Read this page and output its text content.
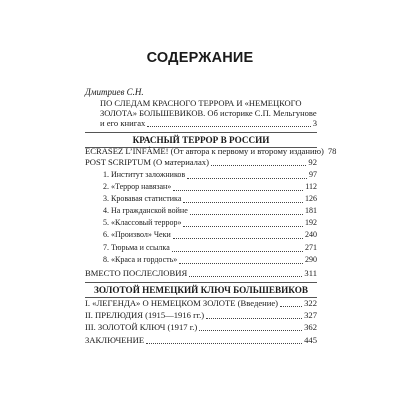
СОДЕРЖАНИЕ
Дмитриев С.Н.
ПО СЛЕДАМ КРАСНОГО ТЕРРОРА И «НЕМЕЦКОГО
ЗОЛОТА» БОЛЬШЕВИКОВ. Об историке С.П. Мельгунове
и его книгах	3
КРАСНЫЙ ТЕРРОР В РОССИИ
ECRASEZ L’INFÂME! (От автора к первому и второму изданию) 78
POST SCRIPTUM (О материалах)	92
1. Институт заложников	97
2. «Террор навязан»	112
3. Кровавая статистика	126
4. На гражданской войне	181
5. «Классовый террор»	192
6. «Произвол» Чеки	240
7. Тюрьма и ссылка	271
8. «Краса и гордость»	290
ВМЕСТО ПОСЛЕСЛОВИЯ	311
ЗОЛОТОЙ НЕМЕЦКИЙ КЛЮЧ БОЛЬШЕВИКОВ
I. «ЛЕГЕНДА» О НЕМЕЦКОМ ЗОЛОТЕ (Введение)	322
II. ПРЕЛЮДИЯ (1915—1916 гг.)	327
III. ЗОЛОТОЙ КЛЮЧ (1917 г.)	362
ЗАКЛЮЧЕНИЕ	445
